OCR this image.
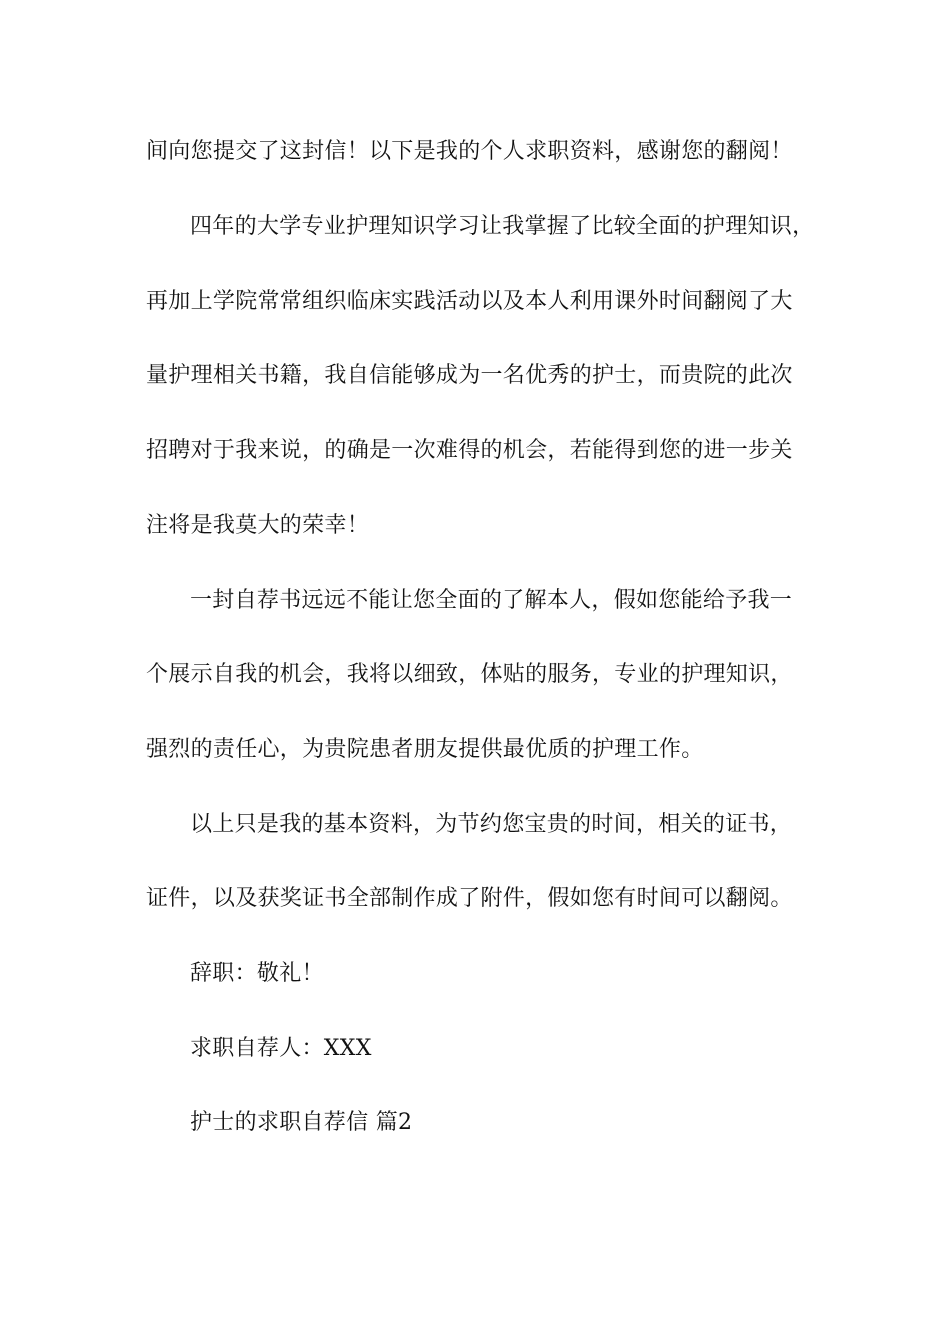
间向您提交了这封信！以下是我的个人求职资料，感谢您的翻阅！
四年的大学专业护理知识学习让我掌握了比较全面的护理知识，
再加上学院常常组织临床实践活动以及本人利用课外时间翻阅了大
量护理相关书籍，我自信能够成为一名优秀的护士，而贵院的此次
招聘对于我来说，的确是一次难得的机会，若能得到您的进一步关
注将是我莫大的荣幸！
一封自荐书远远不能让您全面的了解本人，假如您能给予我一
个展示自我的机会，我将以细致，体贴的服务，专业的护理知识，
强烈的责任心，为贵院患者朋友提供最优质的护理工作。
以上只是我的基本资料，为节约您宝贵的时间，相关的证书，
证件，以及获奖证书全部制作成了附件，假如您有时间可以翻阅。
辞职：敬礼！
求职自荐人：XXX
护士的求职自荐信 篇2
